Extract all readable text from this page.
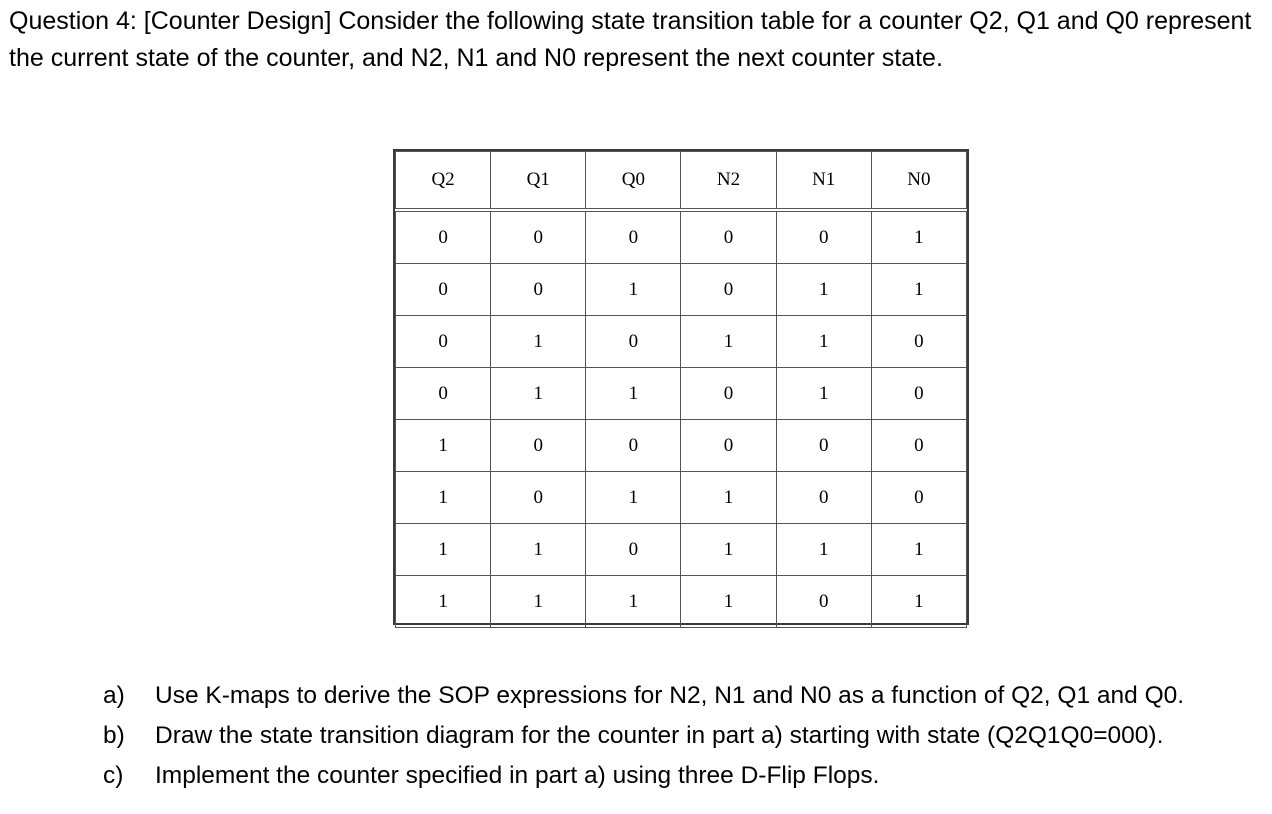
Question 4: [Counter Design] Consider the following state transition table for a counter Q2, Q1 and Q0 represent the current state of the counter, and N2, N1 and N0 represent the next counter state.

Q2	Q1	Q0	N2	N1	N0
0	0	0	0	0	1
0	0	1	0	1	1
0	1	0	1	1	0
0	1	1	0	1	0
1	0	0	0	0	0
1	0	1	1	0	0
1	1	0	1	1	1
1	1	1	1	0	1
a)	Use K-maps to derive the SOP expressions for N2, N1 and N0 as a function of Q2, Q1 and Q0.
b)	Draw the state transition diagram for the counter in part a) starting with state (Q2Q1Q0=000).
c)	Implement the counter specified in part a) using three D-Flip Flops.
